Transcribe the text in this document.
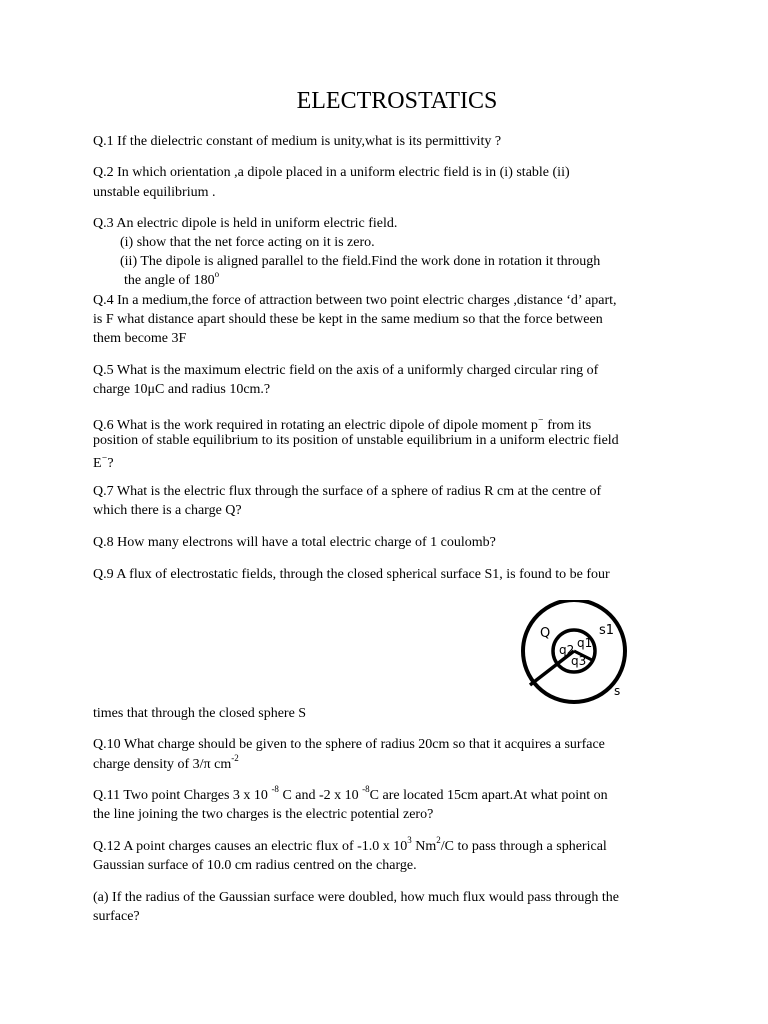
ELECTROSTATICS
Q.1 If the dielectric constant of medium is unity,what is its permittivity ?
Q.2 In which orientation ,a dipole placed in a uniform electric field is in (i) stable (ii)
unstable equilibrium .
Q.3 An electric dipole is held in uniform electric field.
(i) show that the net force acting on it is zero.
(ii) The dipole is aligned parallel to the field.Find the work done in rotation it through
the angle of 180$^o$
Q.4 In a medium,the force of attraction between two point electric charges ,distance ‘d’ apart,
is F what distance apart should these be kept in the same medium so that the force between
them become 3F
Q.5 What is the maximum electric field on the axis of a uniformly charged circular ring of
charge 10μC and radius 10cm.?
Q.6 What is the work required in rotating an electric dipole of dipole moment p⁻ from its
position of stable equilibrium to its position of unstable equilibrium in a uniform electric field
E⁻?
Q.7 What is the electric flux through the surface of a sphere of radius R cm at the centre of
which there is a charge Q?
Q.8 How many electrons will have a total electric charge of 1 coulomb?
Q.9 A flux of electrostatic fields, through the closed spherical surface S1, is found to be four
Q	s1
q1
q2
q3
s
times that through the closed sphere S
Q.10 What charge should be given to the sphere of radius 20cm so that it acquires a surface
charge density of 3/π $cm^{-2}$
Q.11 Two point Charges 3 x 10 $^{-8}$ C and -2 x 10 $^{-8}$C are located 15cm apart.At what point on
the line joining the two charges is the electric potential zero?
Q.12 A point charges causes an electric flux of -1.0 x $10^3$ Nm$^2$/C to pass through a spherical
Gaussian surface of 10.0 cm radius centred on the charge.
(a) If the radius of the Gaussian surface were doubled, how much flux would pass through the
surface?
